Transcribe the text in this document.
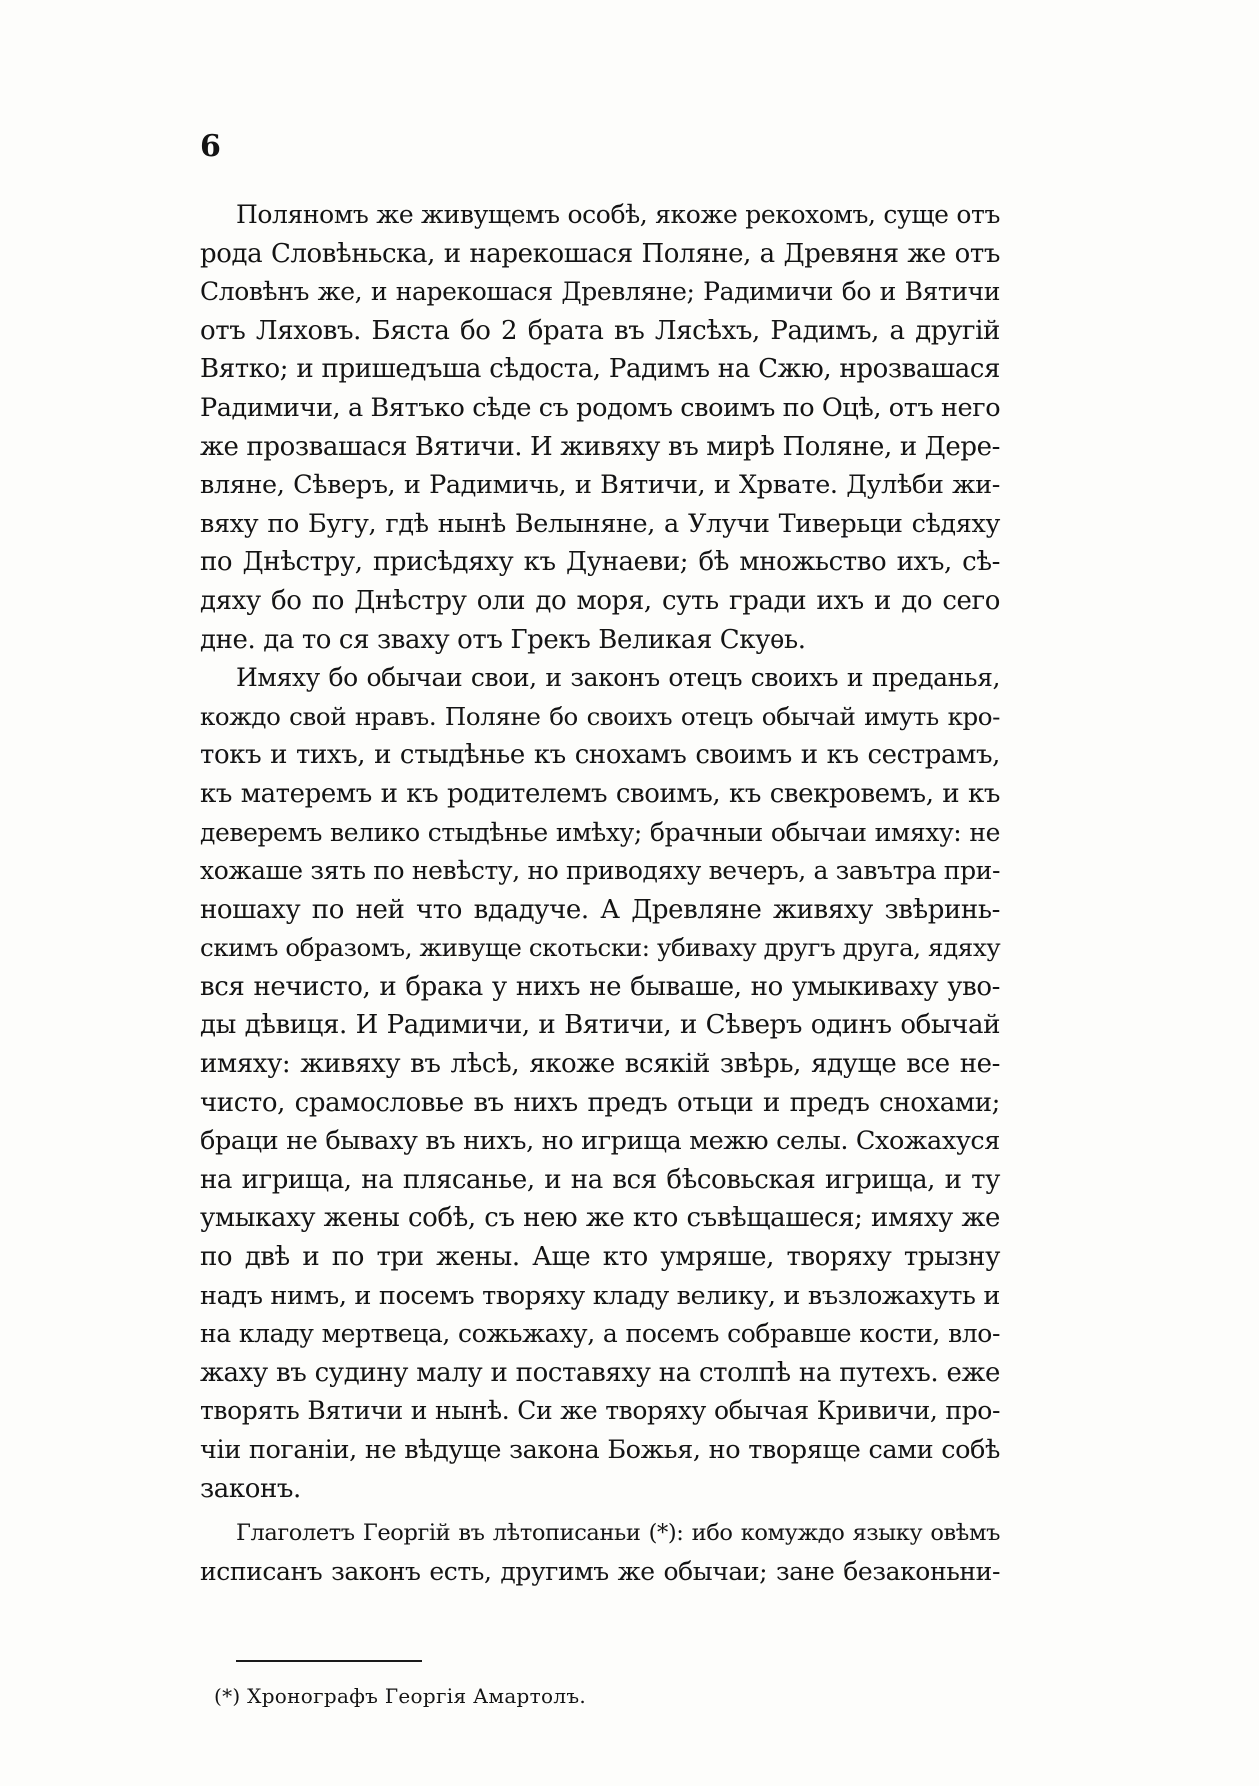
6
Поляномъ же живущемъ особѣ, якоже рекохомъ, суще отъ
рода Словѣньска, и нарекошася Поляне, а Древяня же отъ
Словѣнъ же, и нарекошася Древляне; Радимичи бо и Вятичи
отъ Ляховъ. Бяста бо 2 брата въ Лясѣхъ, Радимъ, а другій
Вятко; и пришедъша сѣдоста, Радимъ на Сжю, нрозвашася
Радимичи, а Вятъко сѣде съ родомъ своимъ по Оцѣ, отъ него
же прозвашася Вятичи. И живяху въ мирѣ Поляне, и Дере-
вляне, Сѣверъ, и Радимичь, и Вятичи, и Хрвате. Дулѣби жи-
вяху по Бугу, гдѣ нынѣ Велыняне, а Улучи Тиверьци сѣдяху
по Днѣстру, присѣдяху къ Дунаеви; бѣ множьство ихъ, сѣ-
дяху бо по Днѣстру оли до моря, суть гради ихъ и до сего
днe. да то ся зваху отъ Грекъ Великая Скуѳь.
Имяху бо обычаи свои, и законъ отецъ своихъ и преданья,
кождо свой нравъ. Поляне бо своихъ отецъ обычай имуть кро-
токъ и тихъ, и стыдѣнье къ снохамъ своимъ и къ сестрамъ,
къ матеремъ и къ родителемъ своимъ, къ свекровемъ, и къ
деверемъ велико стыдѣнье имѣху; брачныи обычаи имяху: не
хожаше зять по невѣсту, но приводяху вечеръ, а завътра при-
ношаху по ней что вдадуче. А Древляне живяху звѣринь-
скимъ образомъ, живуще скотьски: убиваху другъ друга, ядяху
вся нечисто, и брака у нихъ не бываше, но умыкиваху уво-
ды дѣвиця. И Радимичи, и Вятичи, и Сѣверъ одинъ обычай
имяху: живяху въ лѣсѣ, якоже всякій звѣрь, ядуще все не-
чисто, срамословье въ нихъ предъ отьци и предъ снохами;
браци не бываху въ нихъ, но игрища межю селы. Схожахуся
на игрища, на плясанье, и на вся бѣсовьская игрища, и ту
умыкаху жены собѣ, съ нею же кто съвѣщашеся; имяху же
по двѣ и по три жены. Аще кто умряше, творяху трызну
надъ нимъ, и посемъ творяху кладу велику, и възложахуть и
на кладу мертвеца, сожьжаху, а посемъ собравше кости, вло-
жаху въ судину малу и поставяху на столпѣ на путехъ. еже
творять Вятичи и нынѣ. Си же творяху обычая Кривичи, про-
чіи поганіи, не вѣдуще закона Божья, но творяще сами собѣ
законъ.
Глаголетъ Георгій въ лѣтописаньи (*): ибо комуждо языку овѣмъ
исписанъ законъ есть, другимъ же обычаи; зане безаконьни-
(*) Хронографъ Георгія Амартолъ.
